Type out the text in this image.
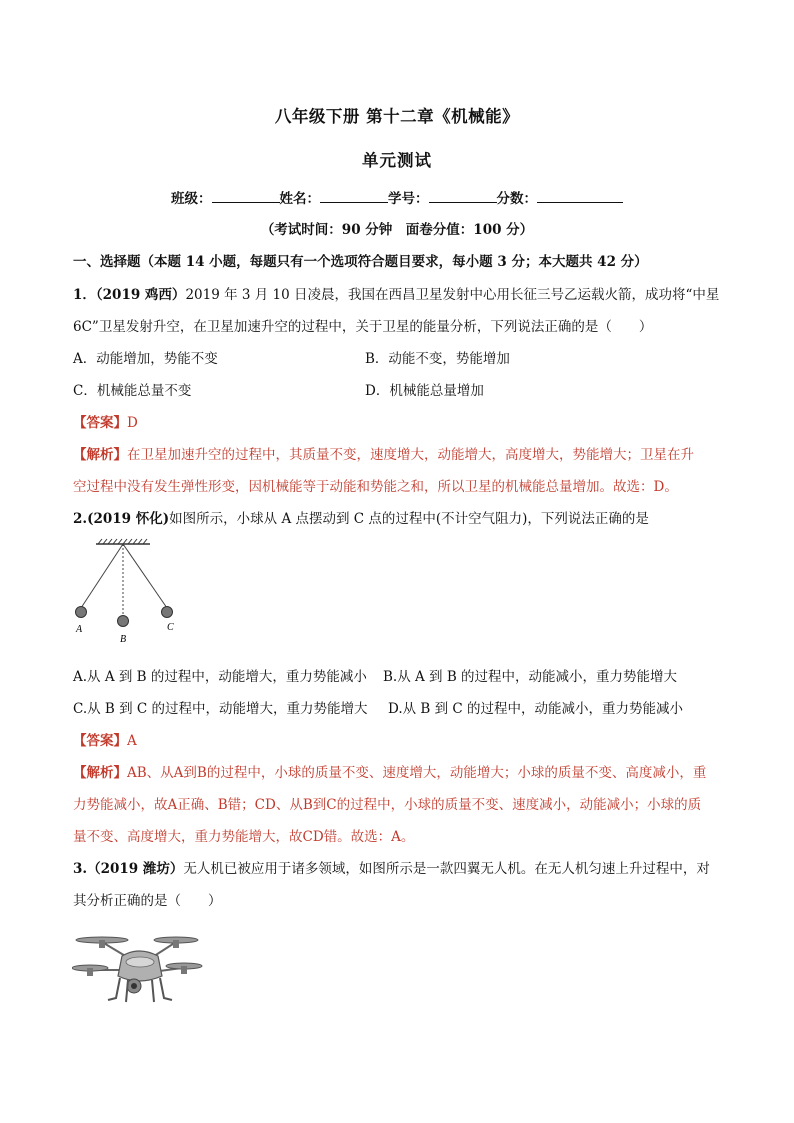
八年级下册 第十二章《机械能》
单元测试
班级：	姓名：	学号：	分数：
（考试时间：90 分钟　面卷分值：100 分）
一、选择题（本题 14 小题，每题只有一个选项符合题目要求，每小题 3 分；本大题共 42 分）
1．（2019 鸡西）2019 年 3 月 10 日凌晨，我国在西昌卫星发射中心用长征三号乙运载火箭，成功将“中星
6C”卫星发射升空，在卫星加速升空的过程中，关于卫星的能量分析，下列说法正确的是（　　）
A．动能增加，势能不变	B．动能不变，势能增加
C．机械能总量不变	D．机械能总量增加
【答案】D
【解析】在卫星加速升空的过程中，其质量不变，速度增大，动能增大，高度增大，势能增大；卫星在升
空过程中没有发生弹性形变，因机械能等于动能和势能之和，所以卫星的机械能总量增加。故选：D。
2.(2019 怀化)如图所示，小球从 A 点摆动到 C 点的过程中(不计空气阻力)，下列说法正确的是
A
B
C
A.从 A 到 B 的过程中，动能增大，重力势能减小 B.从 A 到 B 的过程中，动能减小，重力势能增大
C.从 B 到 C 的过程中，动能增大，重力势能增大 D.从 B 到 C 的过程中，动能减小，重力势能减小
【答案】A
【解析】AB、从A到B的过程中，小球的质量不变、速度增大，动能增大；小球的质量不变、高度减小，重
力势能减小，故A正确、B错；CD、从B到C的过程中，小球的质量不变、速度减小，动能减小；小球的质
量不变、高度增大，重力势能增大，故CD错。故选：A。
3.（2019 潍坊）无人机已被应用于诸多领域，如图所示是一款四翼无人机。在无人机匀速上升过程中，对
其分析正确的是（　　）
